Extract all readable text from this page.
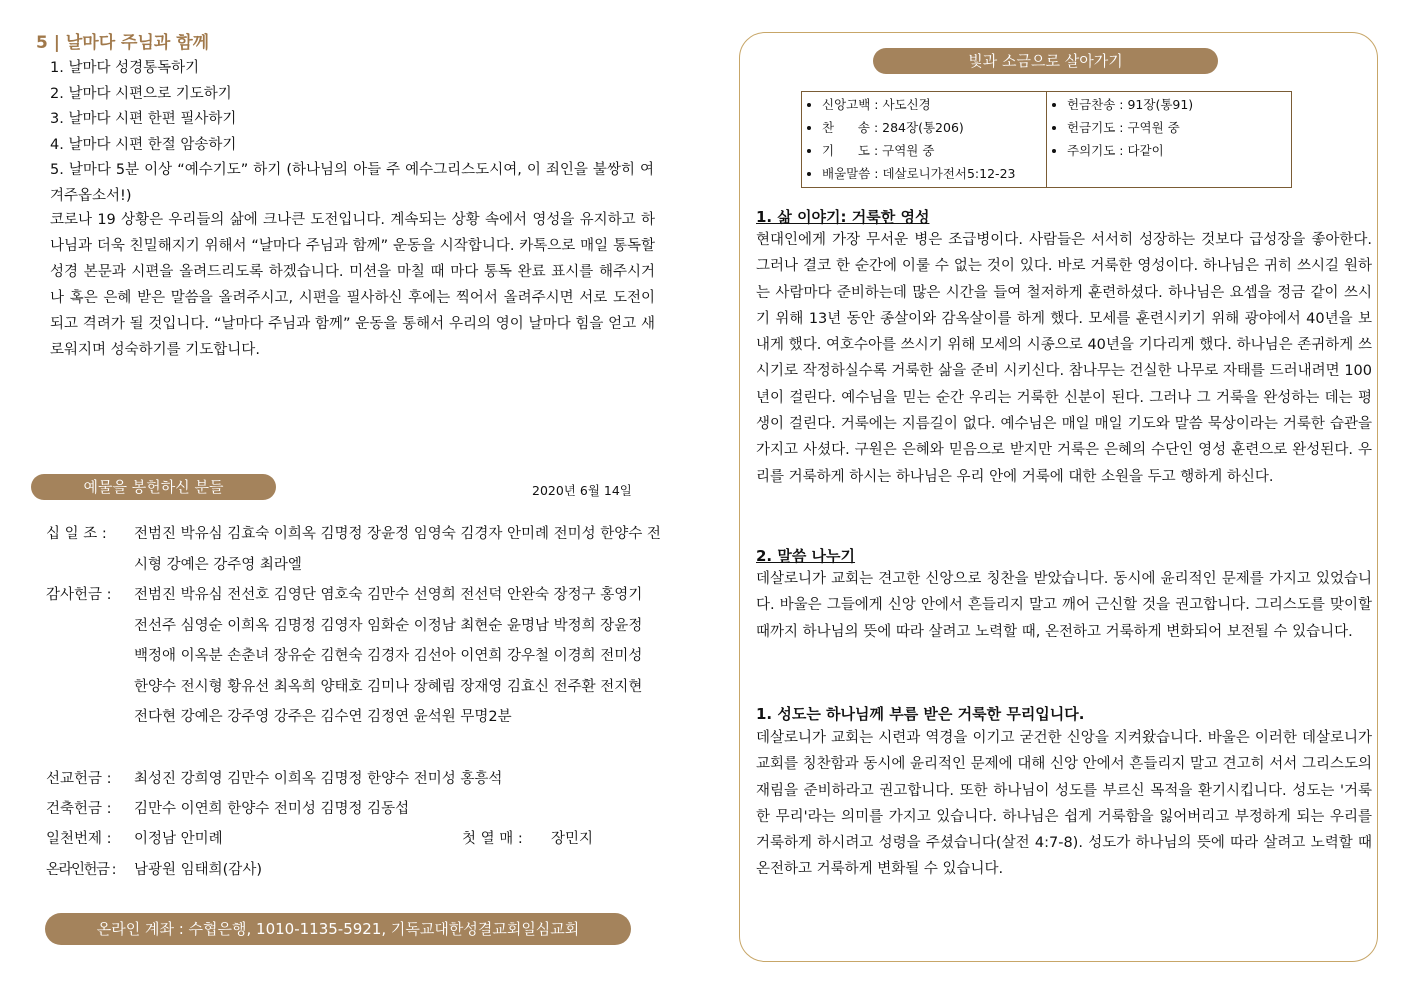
5 | 날마다 주님과 함께
1. 날마다 성경통독하기
2. 날마다 시편으로 기도하기
3. 날마다 시편 한편 필사하기
4. 날마다 시편 한절 암송하기
5. 날마다 5분 이상 “예수기도” 하기 (하나님의 아들 주 예수그리스도시여, 이 죄인을 불쌍히 여겨주옵소서!)

코로나 19 상황은 우리들의 삶에 크나큰 도전입니다. 계속되는 상황 속에서 영성을 유지하고 하나님과 더욱 친밀해지기 위해서 “날마다 주님과 함께” 운동을 시작합니다. 카톡으로 매일 통독할 성경 본문과 시편을 올려드리도록 하겠습니다. 미션을 마칠 때 마다 통독 완료 표시를 해주시거나 혹은 은혜 받은 말씀을 올려주시고, 시편을 필사하신 후에는 찍어서 올려주시면 서로 도전이 되고 격려가 될 것입니다. “날마다 주님과 함께” 운동을 통해서 우리의 영이 날마다 힘을 얻고 새로워지며 성숙하기를 기도합니다.

예물을 봉헌하신 분들	2020년 6월 14일
십 일 조 :	전범진 박유심 김효숙 이희옥 김명정 장윤정 임영숙 김경자 안미례 전미성 한양수 전시형 강예은 강주영 최라엘
감사헌금 :	전범진 박유심 전선호 김영단 염호숙 김만수 선영희 전선덕 안완숙 장정구 홍영기 전선주 심영순 이희옥 김명정 김영자 임화순 이정남 최현순 윤명남 박정희 장윤정 백정애 이옥분 손춘녀 장유순 김현숙 김경자 김선아 이연희 강우철 이경희 전미성 한양수 전시형 황유선 최옥희 양태호 김미나 장혜림 장재영 김효신 전주환 전지현 전다현 강예은 강주영 강주은 김수연 김정연 윤석원 무명2분
선교헌금 :	최성진 강희영 김만수 이희옥 김명정 한양수 전미성 홍흥석
건축헌금 :	김만수 이연희 한양수 전미성 김명정 김동섭
일천번제 :	이정남 안미례	첫 열 매 : 장민지
온라인헌금 :	남광원 임태희(감사)
온라인 계좌 : 수협은행, 1010-1135-5921, 기독교대한성결교회일심교회
빛과 소금으로 살아가기
• 신앙고백 : 사도신경
• 찬      송 : 284장(통206)
• 기      도 : 구역원 중
• 배울말씀 : 데살로니가전서5:12-23

• 헌금찬송 : 91장(통91)
• 헌금기도 : 구역원 중
• 주의기도 : 다같이
1. 삶 이야기: 거룩한 영성

현대인에게 가장 무서운 병은 조급병이다. 사람들은 서서히 성장하는 것보다 급성장을 좋아한다. 그러나 결코 한 순간에 이룰 수 없는 것이 있다. 바로 거룩한 영성이다. 하나님은 귀히 쓰시길 원하는 사람마다 준비하는데 많은 시간을 들여 철저하게 훈련하셨다. 하나님은 요셉을 정금 같이 쓰시기 위해 13년 동안 종살이와 감옥살이를 하게 했다. 모세를 훈련시키기 위해 광야에서 40년을 보내게 했다. 여호수아를 쓰시기 위해 모세의 시종으로 40년을 기다리게 했다. 하나님은 존귀하게 쓰시기로 작정하실수록 거룩한 삶을 준비 시키신다. 참나무는 건실한 나무로 자태를 드러내려면 100년이 걸린다. 예수님을 믿는 순간 우리는 거룩한 신분이 된다. 그러나 그 거룩을 완성하는 데는 평생이 걸린다. 거룩에는 지름길이 없다. 예수님은 매일 매일 기도와 말씀 묵상이라는 거룩한 습관을 가지고 사셨다. 구원은 은혜와 믿음으로 받지만 거룩은 은혜의 수단인 영성 훈련으로 완성된다. 우리를 거룩하게 하시는 하나님은 우리 안에 거룩에 대한 소원을 두고 행하게 하신다.

2. 말씀 나누기

데살로니가 교회는 견고한 신앙으로 칭찬을 받았습니다. 동시에 윤리적인 문제를 가지고 있었습니다. 바울은 그들에게 신앙 안에서 흔들리지 말고 깨어 근신할 것을 권고합니다. 그리스도를 맞이할 때까지 하나님의 뜻에 따라 살려고 노력할 때, 온전하고 거룩하게 변화되어 보전될 수 있습니다.

1. 성도는 하나님께 부름 받은 거룩한 무리입니다.

데살로니가 교회는 시련과 역경을 이기고 굳건한 신앙을 지켜왔습니다. 바울은 이러한 데살로니가 교회를 칭찬함과 동시에 윤리적인 문제에 대해 신앙 안에서 흔들리지 말고 견고히 서서 그리스도의 재림을 준비하라고 권고합니다. 또한 하나님이 성도를 부르신 목적을 환기시킵니다. 성도는 '거룩한 무리'라는 의미를 가지고 있습니다. 하나님은 쉽게 거룩함을 잃어버리고 부정하게 되는 우리를 거룩하게 하시려고 성령을 주셨습니다(살전 4:7-8). 성도가 하나님의 뜻에 따라 살려고 노력할 때 온전하고 거룩하게 변화될 수 있습니다.
